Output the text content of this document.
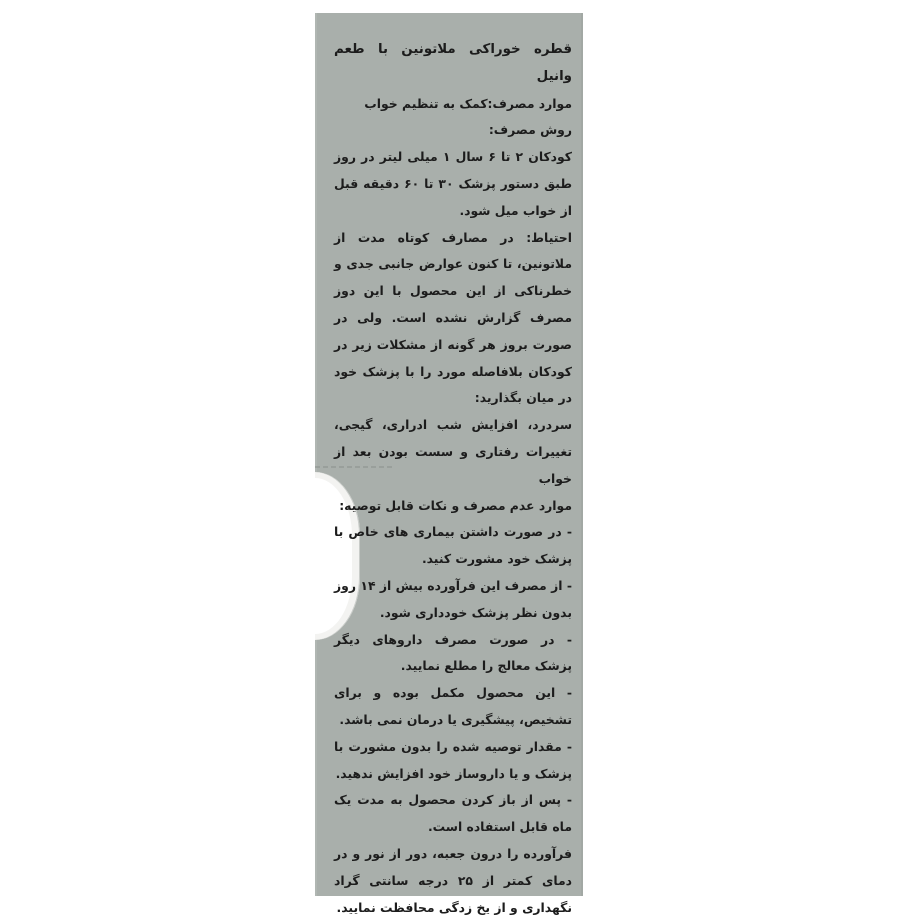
قطره خوراکی ملاتونین با طعم وانیل

موارد مصرف:کمک به تنظیم خواب

روش مصرف:

کودکان ۲ تا ۶ سال ۱ میلی لیتر در روز طبق دستور پزشک ۳۰ تا ۶۰ دقیقه قبل از خواب میل شود.

احتیاط: در مصارف کوتاه مدت از ملاتونین، تا کنون عوارض جانبی جدی و خطرناکی از این محصول با این دوز مصرف گزارش نشده است. ولی در صورت بروز هر گونه از مشکلات زیر در کودکان بلافاصله مورد را با پزشک خود در میان بگذارید:

سردرد، افزایش شب ادراری، گیجی، تغییرات رفتاری و سست بودن بعد از خواب

موارد عدم مصرف و نکات قابل توصیه:

- در صورت داشتن بیماری های خاص با پزشک خود مشورت کنید.

- از مصرف این فرآورده بیش از ۱۴ روز بدون نظر پزشک خودداری شود.

- در صورت مصرف داروهای دیگر پزشک معالج را مطلع نمایید.

- این محصول مکمل بوده و برای تشخیص، پیشگیری یا درمان نمی باشد.

- مقدار توصیه شده را بدون مشورت با پزشک و یا داروساز خود افزایش ندهید.

- پس از باز کردن محصول به مدت یک ماه قابل استفاده است.

فرآورده را درون جعبه، دور از نور و در دمای کمتر از ۲۵ درجه سانتی گراد نگهداری و از یخ زدگی محافظت نمایید.
